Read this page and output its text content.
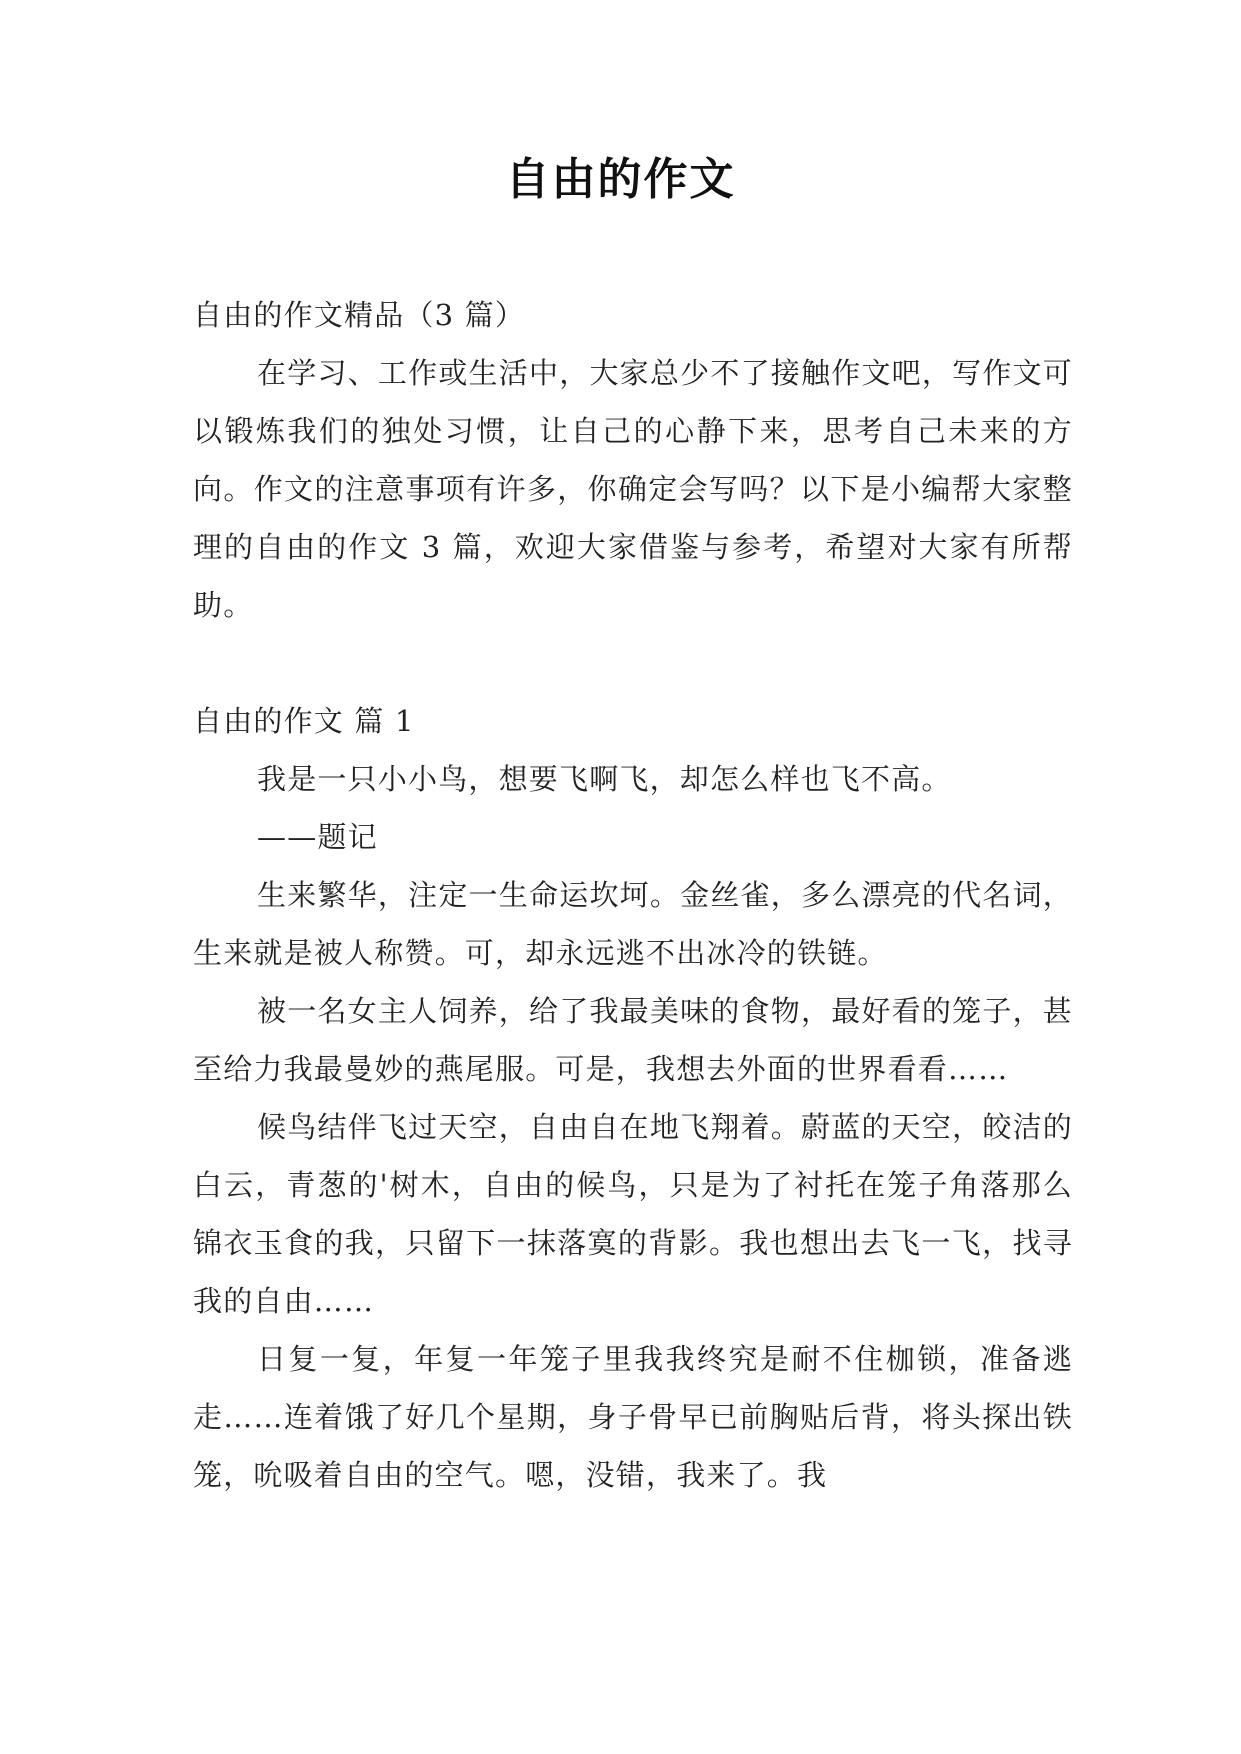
自由的作文

自由的作文精品（3 篇）

在学习、工作或生活中，大家总少不了接触作文吧，写作文可以锻炼我们的独处习惯，让自己的心静下来，思考自己未来的方向。作文的注意事项有许多，你确定会写吗？以下是小编帮大家整理的自由的作文 3 篇，欢迎大家借鉴与参考，希望对大家有所帮助。

自由的作文 篇 1

我是一只小小鸟，想要飞啊飞，却怎么样也飞不高。

——题记

生来繁华，注定一生命运坎坷。金丝雀，多么漂亮的代名词，生来就是被人称赞。可，却永远逃不出冰冷的铁链。

被一名女主人饲养，给了我最美味的食物，最好看的笼子，甚至给力我最曼妙的燕尾服。可是，我想去外面的世界看看……

候鸟结伴飞过天空，自由自在地飞翔着。蔚蓝的天空，皎洁的白云，青葱的'树木，自由的候鸟，只是为了衬托在笼子角落那么锦衣玉食的我，只留下一抹落寞的背影。我也想出去飞一飞，找寻我的自由……

日复一复，年复一年笼子里我我终究是耐不住枷锁，准备逃走……连着饿了好几个星期，身子骨早已前胸贴后背，将头探出铁笼，吮吸着自由的空气。嗯，没错，我来了。我
